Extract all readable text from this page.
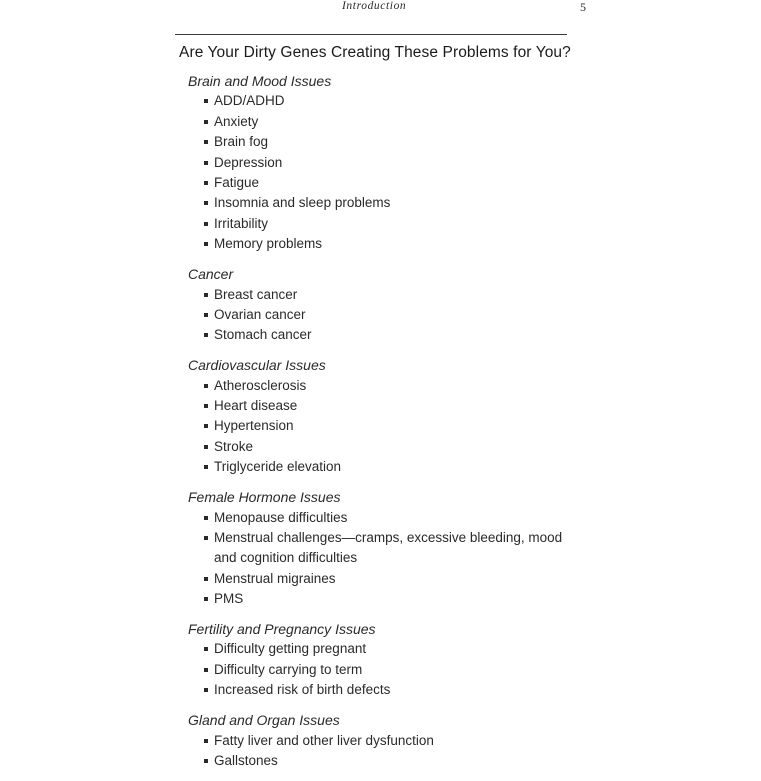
Introduction	5
Are Your Dirty Genes Creating These Problems for You?
Brain and Mood Issues
ADD/ADHD
Anxiety
Brain fog
Depression
Fatigue
Insomnia and sleep problems
Irritability
Memory problems
Cancer
Breast cancer
Ovarian cancer
Stomach cancer
Cardiovascular Issues
Atherosclerosis
Heart disease
Hypertension
Stroke
Triglyceride elevation
Female Hormone Issues
Menopause difficulties
Menstrual challenges—cramps, excessive bleeding, mood and cognition difficulties
Menstrual migraines
PMS
Fertility and Pregnancy Issues
Difficulty getting pregnant
Difficulty carrying to term
Increased risk of birth defects
Gland and Organ Issues
Fatty liver and other liver dysfunction
Gallstones
